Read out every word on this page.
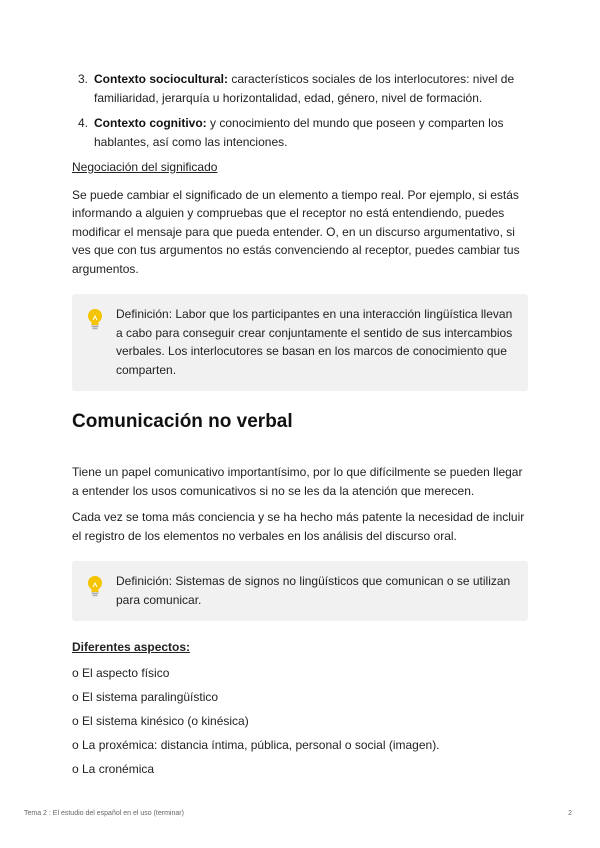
3. Contexto sociocultural: característicos sociales de los interlocutores: nivel de familiaridad, jerarquía u horizontalidad, edad, género, nivel de formación.
4. Contexto cognitivo: y conocimiento del mundo que poseen y comparten los hablantes, así como las intenciones.
Negociación del significado

Se puede cambiar el significado de un elemento a tiempo real. Por ejemplo, si estás informando a alguien y compruebas que el receptor no está entendiendo, puedes modificar el mensaje para que pueda entender. O, en un discurso argumentativo, si ves que con tus argumentos no estás convenciendo al receptor, puedes cambiar tus argumentos.

Definición: Labor que los participantes en una interacción lingüística llevan a cabo para conseguir crear conjuntamente el sentido de sus intercambios verbales. Los interlocutores se basan en los marcos de conocimiento que comparten.
Comunicación no verbal

Tiene un papel comunicativo importantísimo, por lo que difícilmente se pueden llegar a entender los usos comunicativos si no se les da la atención que merecen.

Cada vez se toma más conciencia y se ha hecho más patente la necesidad de incluir el registro de los elementos no verbales en los análisis del discurso oral.

Definición: Sistemas de signos no lingüísticos que comunican o se utilizan para comunicar.
Diferentes aspectos:
o El aspecto físico
o El sistema paralingüístico
o El sistema kinésico (o kinésica)
o La proxémica: distancia íntima, pública, personal o social (imagen).
o La cronémica
Tema 2 : El estudio del español en el uso (terminar)	2
